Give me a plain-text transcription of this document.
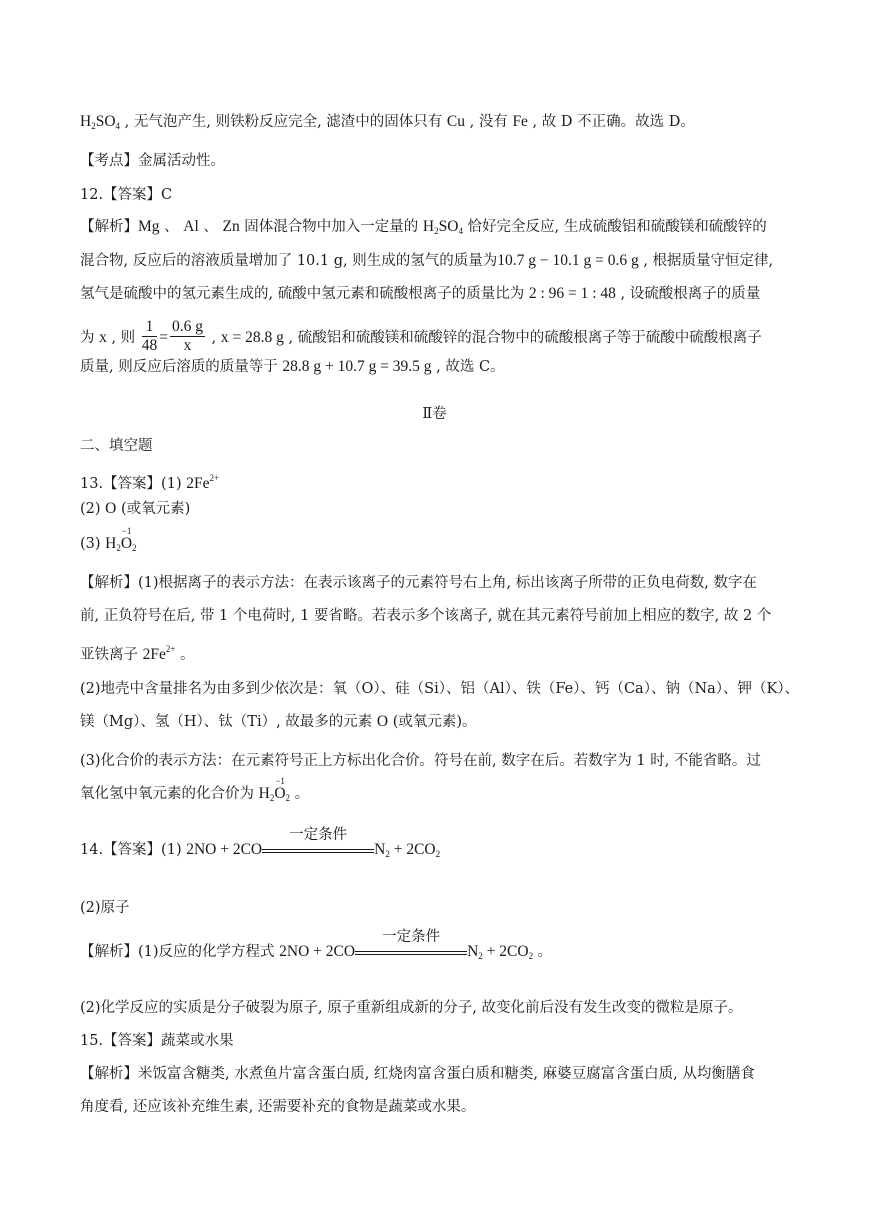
$H_2SO_4$ , 无气泡产生, 则铁粉反应完全, 滤渣中的固体只有 Cu , 没有 Fe , 故 D 不正确。故选 D。
【考点】金属活动性。
12.【答案】C
【解析】Mg 、 Al 、 Zn 固体混合物中加入一定量的 $H_2SO_4$ 恰好完全反应, 生成硫酸铝和硫酸镁和硫酸锌的
混合物, 反应后的溶液质量增加了 10.1 g, 则生成的氢气的质量为10.7 g − 10.1 g = 0.6 g , 根据质量守恒定律,
氢气是硫酸中的氢元素生成的, 硫酸中氢元素和硫酸根离子的质量比为 2 : 96 = 1 : 48 , 设硫酸根离子的质量
为 x , 则 $\frac{1}{48} = \frac{0.6 g}{x}$ , x = 28.8 g , 硫酸铝和硫酸镁和硫酸锌的混合物中的硫酸根离子等于硫酸中硫酸根离子
质量, 则反应后溶质的质量等于 28.8 g + 10.7 g = 39.5 g , 故选 C。
Ⅱ卷
二、填空题
13.【答案】(1) $2Fe^{2+}$
(2) O (或氧元素)
(3) $H_2$
−1
$O_2$
【解析】(1)根据离子的表示方法：在表示该离子的元素符号右上角, 标出该离子所带的正负电荷数, 数字在
前, 正负符号在后, 带 1 个电荷时, 1 要省略。若表示多个该离子, 就在其元素符号前加上相应的数字, 故 2 个
亚铁离子 $2Fe^{2+}$ 。
(2)地壳中含量排名为由多到少依次是：氧（O）、硅（Si）、铝（Al）、铁（Fe）、钙（Ca）、钠（Na）、钾（K）、
镁（Mg）、氢（H）、钛（Ti）, 故最多的元素 O (或氧元素)。
(3)化合价的表示方法：在元素符号正上方标出化合价。符号在前, 数字在后。若数字为 1 时, 不能省略。过
氧化氢中氧元素的化合价为 $H_2$
−1
$O_2$ 。
14.【答案】(1) 2NO + 2CO
一定条件
$N_2 + 2CO_2$
(2)原子
【解析】(1)反应的化学方程式 2NO + 2CO
一定条件
$N_2 + 2CO_2$ 。
(2)化学反应的实质是分子破裂为原子, 原子重新组成新的分子, 故变化前后没有发生改变的微粒是原子。
15.【答案】蔬菜或水果
【解析】米饭富含糖类, 水煮鱼片富含蛋白质, 红烧肉富含蛋白质和糖类, 麻婆豆腐富含蛋白质, 从均衡膳食
角度看, 还应该补充维生素, 还需要补充的食物是蔬菜或水果。
